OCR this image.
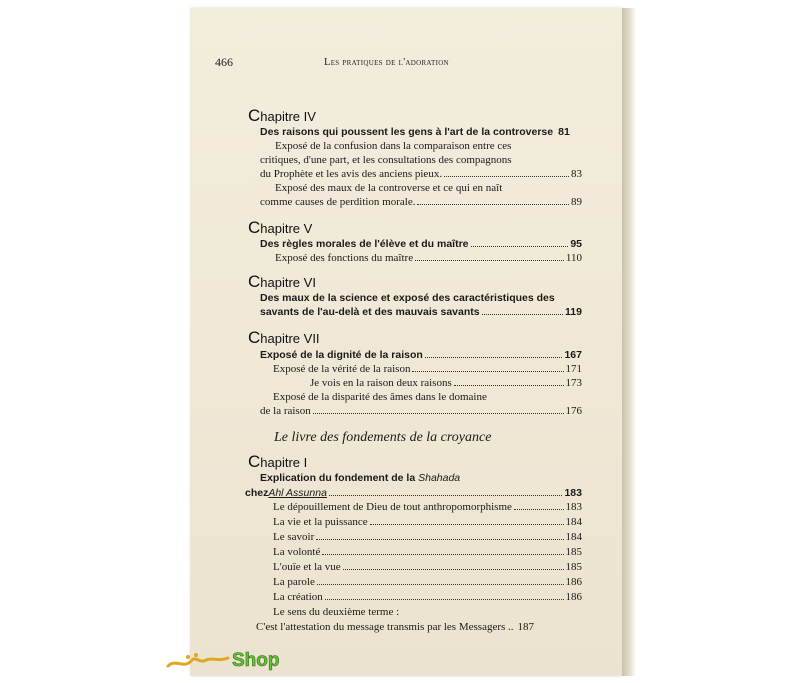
466	Les pratiques de l'adoration
Chapitre IV
Des raisons qui poussent les gens à l'art de la controverse 81
Exposé de la confusion dans la comparaison entre ces
critiques, d'une part, et les consultations des compagnons
du Prophète et les avis des anciens pieux.	83
Exposé des maux de la controverse et ce qui en naît
comme causes de perdition morale.	89
Chapitre V
Des règles morales de l'élève et du maître	95
Exposé des fonctions du maître	110
Chapitre VI
Des maux de la science et exposé des caractéristiques des
savants de l'au-delà et des mauvais savants	119
Chapitre VII
Exposé de la dignité de la raison	167
Exposé de la vérité de la raison	171
Je vois en la raison deux raisons	173
Exposé de la disparité des âmes dans le domaine
de la raison	176
Le livre des fondements de la croyance
Chapitre I
Explication du fondement de la Shahada
chez Ahl Assunna	183
Le dépouillement de Dieu de tout anthropomorphisme	183
La vie et la puissance	184
Le savoir	184
La volonté	185
L'ouïe et la vue	185
La parole	186
La création	186
Le sens du deuxième terme :
C'est l'attestation du message transmis par les Messagers .. 187
Shop
